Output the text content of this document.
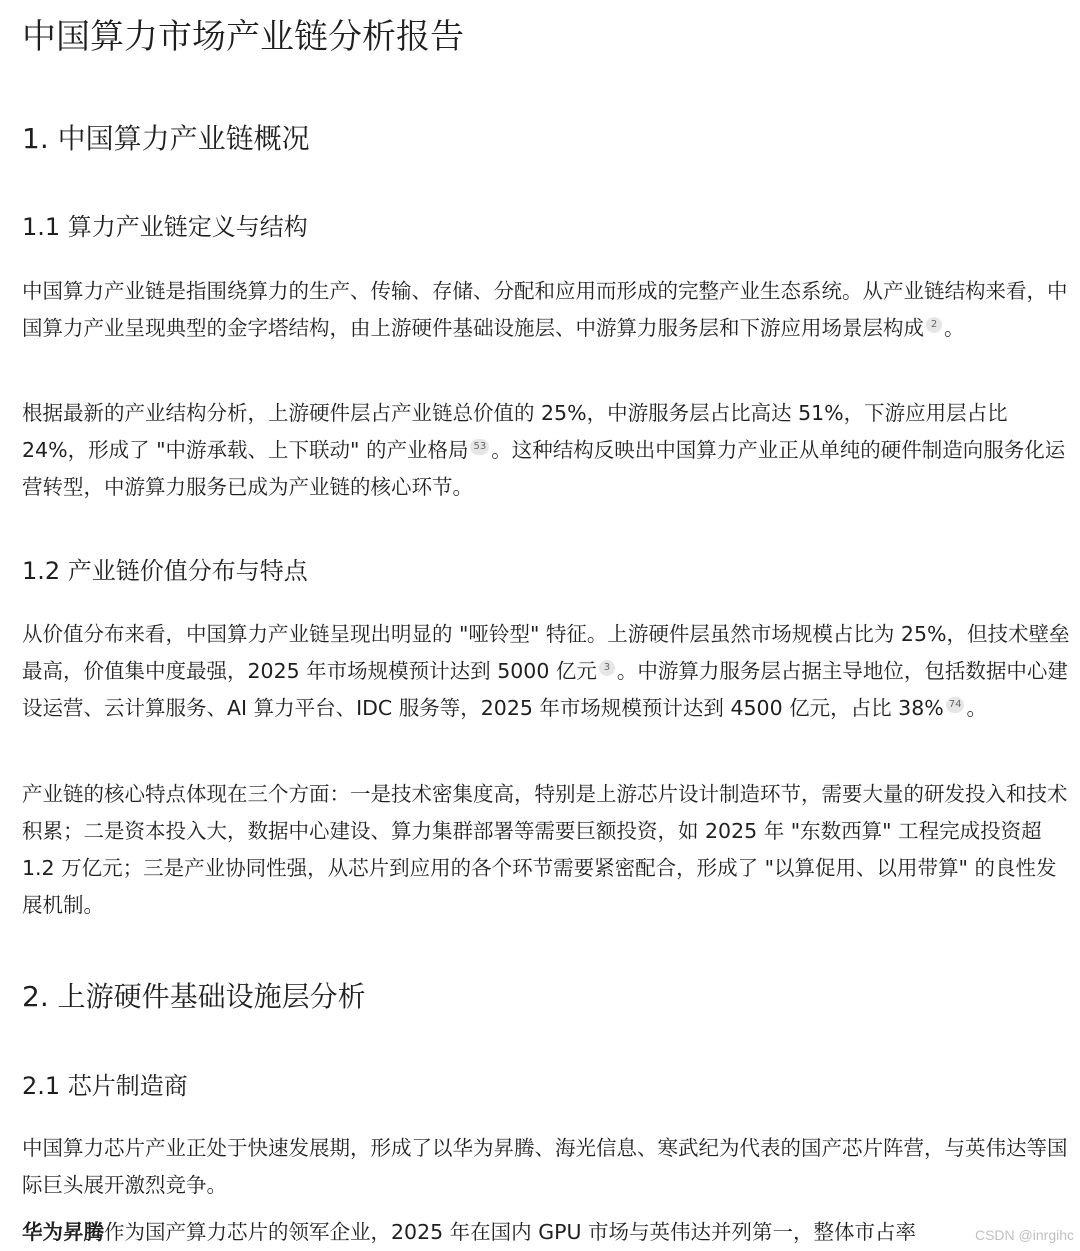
中国算力市场产业链分析报告
1. 中国算力产业链概况
1.1 算力产业链定义与结构

中国算力产业链是指围绕算力的生产、传输、存储、分配和应用而形成的完整产业生态系统。从产业链结构来看，中国算力产业呈现典型的金字塔结构，由上游硬件基础设施层、中游算力服务层和下游应用场景层构成 2 。

根据最新的产业结构分析，上游硬件层占产业链总价值的 25%，中游服务层占比高达 51%，下游应用层占比 24%，形成了 "中游承载、上下联动" 的产业格局 53 。这种结构反映出中国算力产业正从单纯的硬件制造向服务化运营转型，中游算力服务已成为产业链的核心环节。

1.2 产业链价值分布与特点

从价值分布来看，中国算力产业链呈现出明显的 "哑铃型" 特征。上游硬件层虽然市场规模占比为 25%，但技术壁垒最高，价值集中度最强，2025 年市场规模预计达到 5000 亿元 3 。中游算力服务层占据主导地位，包括数据中心建设运营、云计算服务、AI 算力平台、IDC 服务等，2025 年市场规模预计达到 4500 亿元，占比 38% 74 。

产业链的核心特点体现在三个方面：一是技术密集度高，特别是上游芯片设计制造环节，需要大量的研发投入和技术积累；二是资本投入大，数据中心建设、算力集群部署等需要巨额投资，如 2025 年 "东数西算" 工程完成投资超 1.2 万亿元；三是产业协同性强，从芯片到应用的各个环节需要紧密配合，形成了 "以算促用、以用带算" 的良性发展机制。

2. 上游硬件基础设施层分析
2.1 芯片制造商

中国算力芯片产业正处于快速发展期，形成了以华为昇腾、海光信息、寒武纪为代表的国产芯片阵营，与英伟达等国际巨头展开激烈竞争。

华为昇腾作为国产算力芯片的领军企业，2025 年在国内 GPU 市场与英伟达并列第一，整体市占率	CSDN @inrgihc
